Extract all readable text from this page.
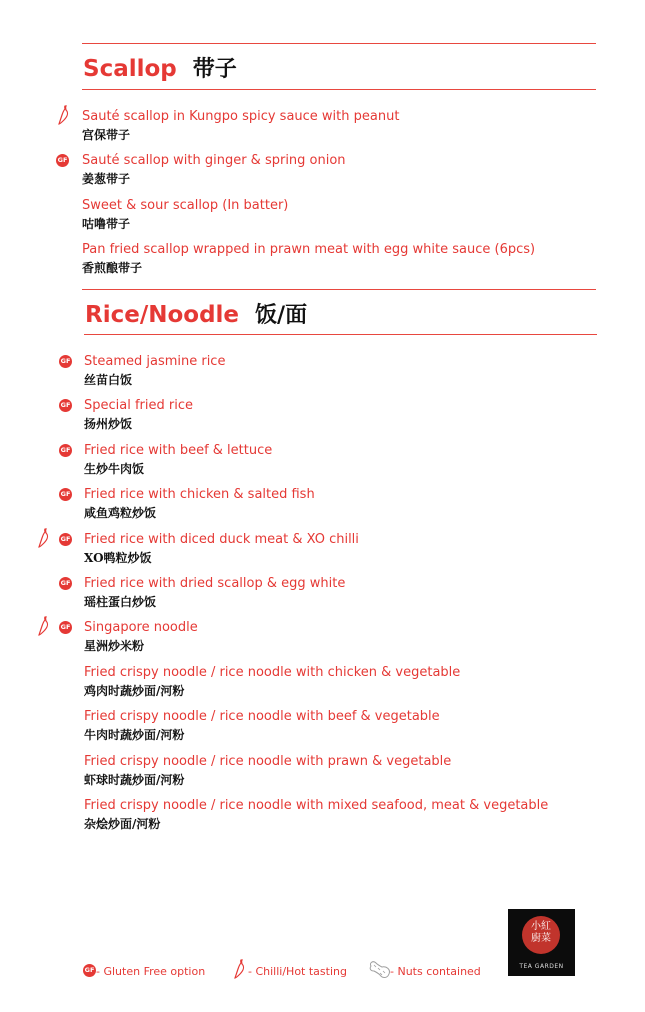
Scallop 带子
Sauté scallop in Kungpo spicy sauce with peanut
宫保带子
Sauté scallop with ginger & spring onion
姜葱带子
GF
Sweet & sour scallop (In batter)
咕噜带子
Pan fried scallop wrapped in prawn meat with egg white sauce (6pcs)
香煎酿带子
Rice/Noodle 饭/面
Steamed jasmine rice
丝苗白饭
GF
Special fried rice
扬州炒饭
GF
Fried rice with beef & lettuce
生炒牛肉饭
GF
Fried rice with chicken & salted fish
咸鱼鸡粒炒饭
GF
Fried rice with diced duck meat & XO chilli
XO鸭粒炒饭
GF
Fried rice with dried scallop & egg white
瑶柱蛋白炒饭
GF
Singapore noodle
星洲炒米粉
GF
Fried crispy noodle / rice noodle with chicken & vegetable
鸡肉时蔬炒面/河粉
Fried crispy noodle / rice noodle with beef & vegetable
牛肉时蔬炒面/河粉
Fried crispy noodle / rice noodle with prawn & vegetable
虾球时蔬炒面/河粉
Fried crispy noodle / rice noodle with mixed seafood, meat & vegetable
杂烩炒面/河粉
GF - Gluten Free option	- Chilli/Hot tasting	- Nuts contained
小紅
廚菜
TEA GARDEN
